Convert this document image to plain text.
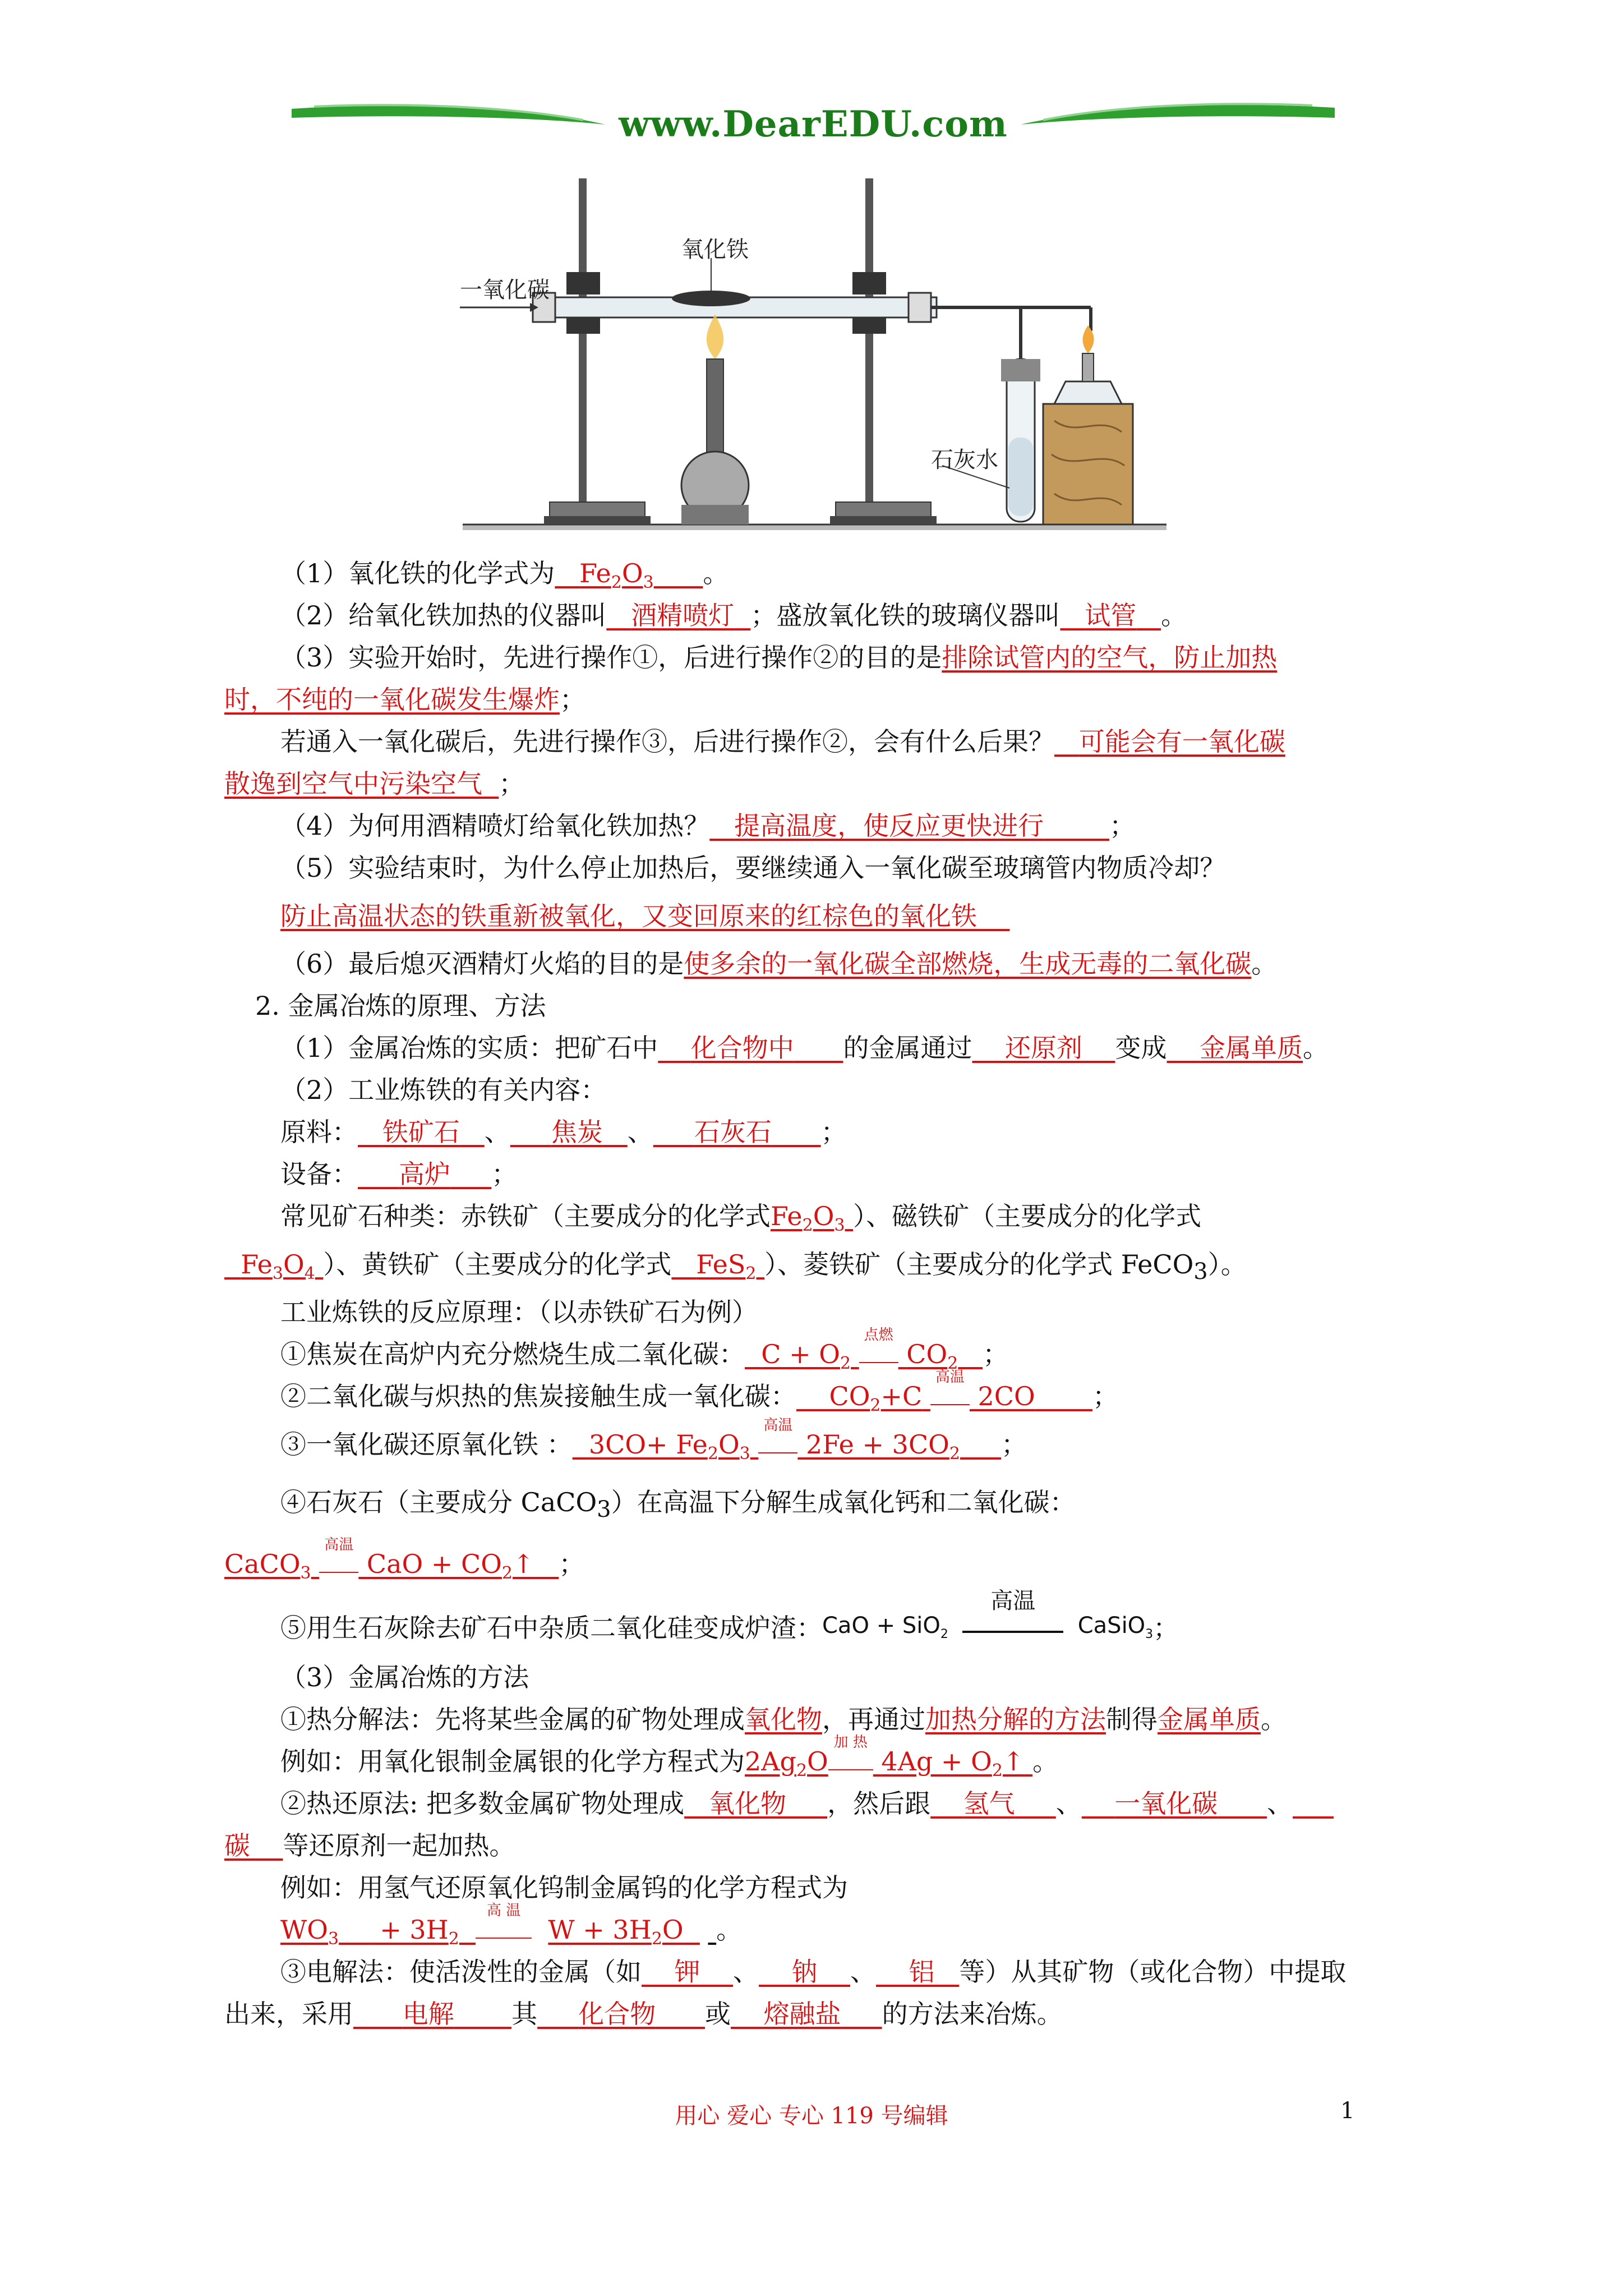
www.DearEDU.com
一氧化碳
氧化铁
石灰水
（1）氧化铁的化学式为 $Fe_2O_3$ 。
（2）给氧化铁加热的仪器叫 酒精喷灯 ；盛放氧化铁的玻璃仪器叫 试管 。
（3）实验开始时，先进行操作①，后进行操作②的目的是排除试管内的空气，防止加热
时，不纯的一氧化碳发生爆炸；
若通入一氧化碳后，先进行操作③，后进行操作②，会有什么后果？ 可能会有一氧化碳
散逸到空气中污染空气 ；
（4）为何用酒精喷灯给氧化铁加热？ 提高温度，使反应更快进行	；
（5）实验结束时，为什么停止加热后，要继续通入一氧化碳至玻璃管内物质冷却？
防止高温状态的铁重新被氧化，又变回原来的红棕色的氧化铁
（6）最后熄灭酒精灯火焰的目的是使多余的一氧化碳全部燃烧，生成无毒的二氧化碳。
2. 金属冶炼的原理、方法
（1）金属冶炼的实质：把矿石中 化合物中 的金属通过 还原剂 变成 金属单质。
（2）工业炼铁的有关内容：
原料： 铁矿石 、 焦炭 、 石灰石 ；
设备： 高炉 ；
常见矿石种类：赤铁矿（主要成分的化学式$Fe_2O_3$ ）、磁铁矿（主要成分的化学式
$Fe_3O_4$ ）、黄铁矿（主要成分的化学式 FeS$_2$ ）、菱铁矿（主要成分的化学式 FeCO$_3$）。
工业炼铁的反应原理：（以赤铁矿石为例）
①焦炭在高炉内充分燃烧生成二氧化碳： $C + O_2$
点燃
$CO_2$ ；
②二氧化碳与炽热的焦炭接触生成一氧化碳： $CO_2+C$
高温
2CO ；
③一氧化碳还原氧化铁 ： $3CO+ Fe_2O_3$
高温
$2Fe + 3CO_2$ ；
④石灰石（主要成分 CaCO$_3$）在高温下分解生成氧化钙和二氧化碳：
CaCO$_3$
高温
CaO + $CO_2↑$ ；
⑤用生石灰除去矿石中杂质二氧化硅变成炉渣：CaO + SiO$_2$
高温
CaSiO$_3$；
（3）金属冶炼的方法
①热分解法：先将某些金属的矿物处理成氧化物，再通过加热分解的方法制得金属单质。
例如：用氧化银制金属银的化学方程式为$2Ag_2O$
加 热
$4Ag + O_2↑$ 。
②热还原法: 把多数金属矿物处理成 氧化物 ，然后跟 氢气 、 一氧化碳 、
碳 等还原剂一起加热。
例如：用氢气还原氧化钨制金属钨的化学方程式为
$WO_3$     + $3H_2$
高 温
$W + 3H_2O$ 。
③电解法：使活泼性的金属（如 钾 、 钠 、 铝 等）从其矿物（或化合物）中提取
出来，采用 电解 其 化合物 或 熔融盐 的方法来冶炼。
用心 爱心 专心 119 号编辑	1
